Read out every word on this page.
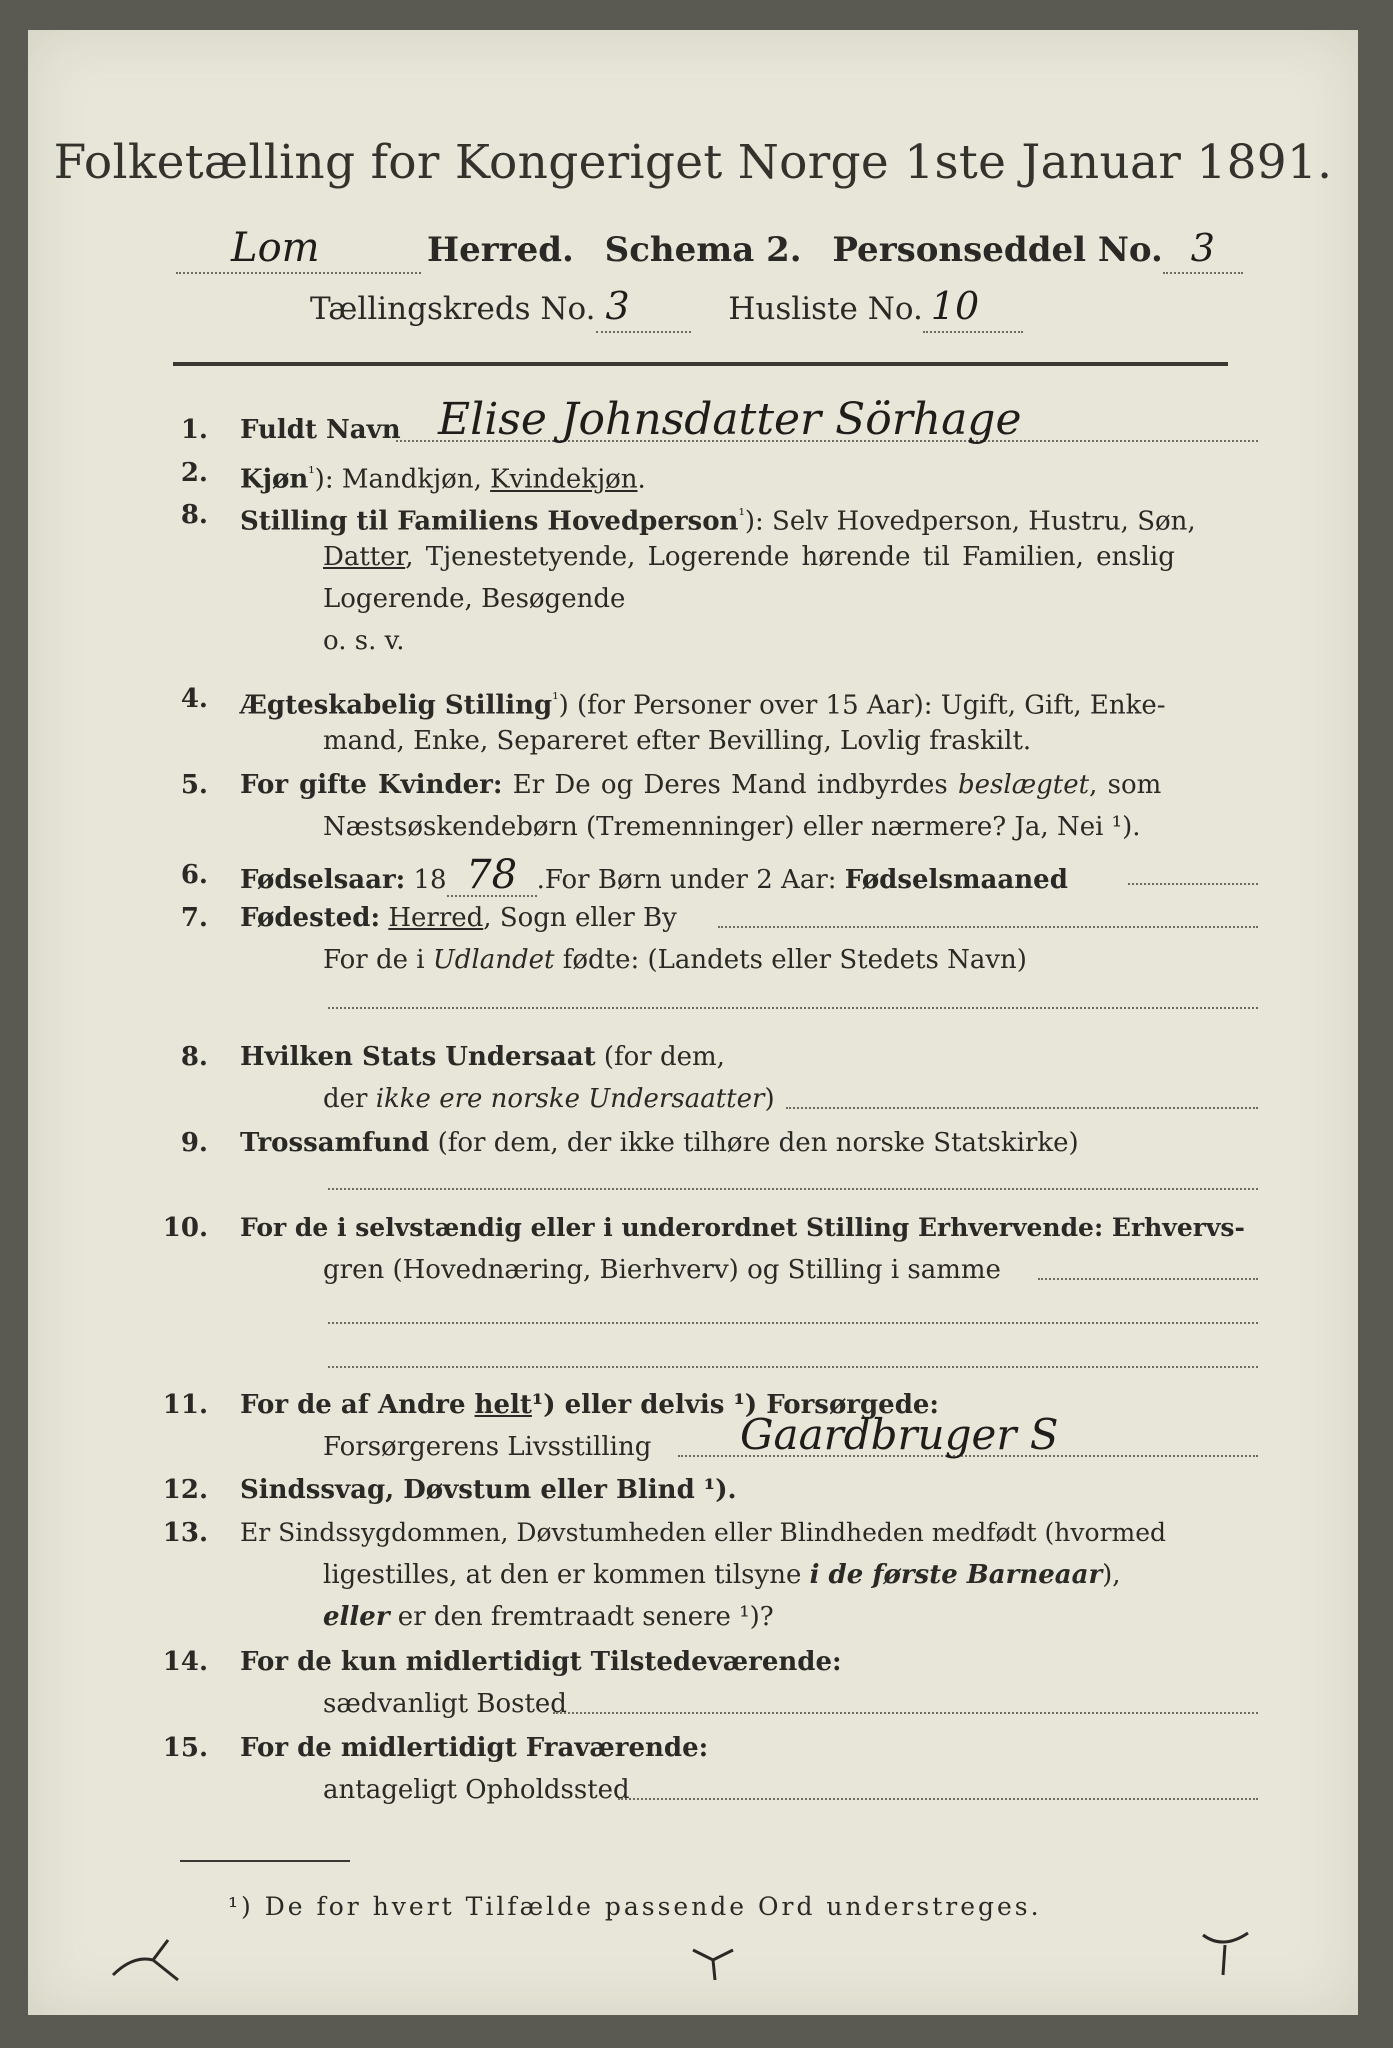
Folketælling for Kongeriget Norge 1ste Januar 1891.
Lom	Herred. Schema 2. Personseddel No. 3
Tællingskreds No. 3	Husliste No. 10
1. Fuldt Navn Elise Johnsdatter Sörhage
2. Kjøn$^{^1}$): Mandkjøn, Kvindekjøn.
8. Stilling til Familiens Hovedperson$^{^1}$): Selv Hovedperson, Hustru, Søn,
Datter, Tjenestetyende, Logerende hørende til Familien, enslig
Logerende, Besøgende
o. s. v.
4. Ægteskabelig Stilling$^{^1}$) (for Personer over 15 Aar): Ugift, Gift, Enke-
mand, Enke, Separeret efter Bevilling, Lovlig fraskilt.
5. For gifte Kvinder: Er De og Deres Mand indbyrdes beslægtet, som
Næstsøskendebørn (Tremenninger) eller nærmere? Ja, Nei ¹).
6. Fødselsaar: 18 78 .For Børn under 2 Aar: Fødselsmaaned
7. Fødested: Herred, Sogn eller By
For de i Udlandet fødte: (Landets eller Stedets Navn)
8. Hvilken Stats Undersaat (for dem,
der ikke ere norske Undersaatter)
9. Trossamfund (for dem, der ikke tilhøre den norske Statskirke)
10. For de i selvstændig eller i underordnet Stilling Erhvervende: Erhvervs-
gren (Hovednæring, Bierhverv) og Stilling i samme
11. For de af Andre helt¹) eller delvis ¹) Forsørgede:
Forsørgerens Livsstilling Gaardbruger S
12. Sindssvag, Døvstum eller Blind ¹).
13. Er Sindssygdommen, Døvstumheden eller Blindheden medfødt (hvormed
ligestilles, at den er kommen tilsyne i de første Barneaar),
eller er den fremtraadt senere ¹)?
14. For de kun midlertidigt Tilstedeværende:
sædvanligt Bosted
15. For de midlertidigt Fraværende:
antageligt Opholdssted
¹) De for hvert Tilfælde passende Ord understreges.
